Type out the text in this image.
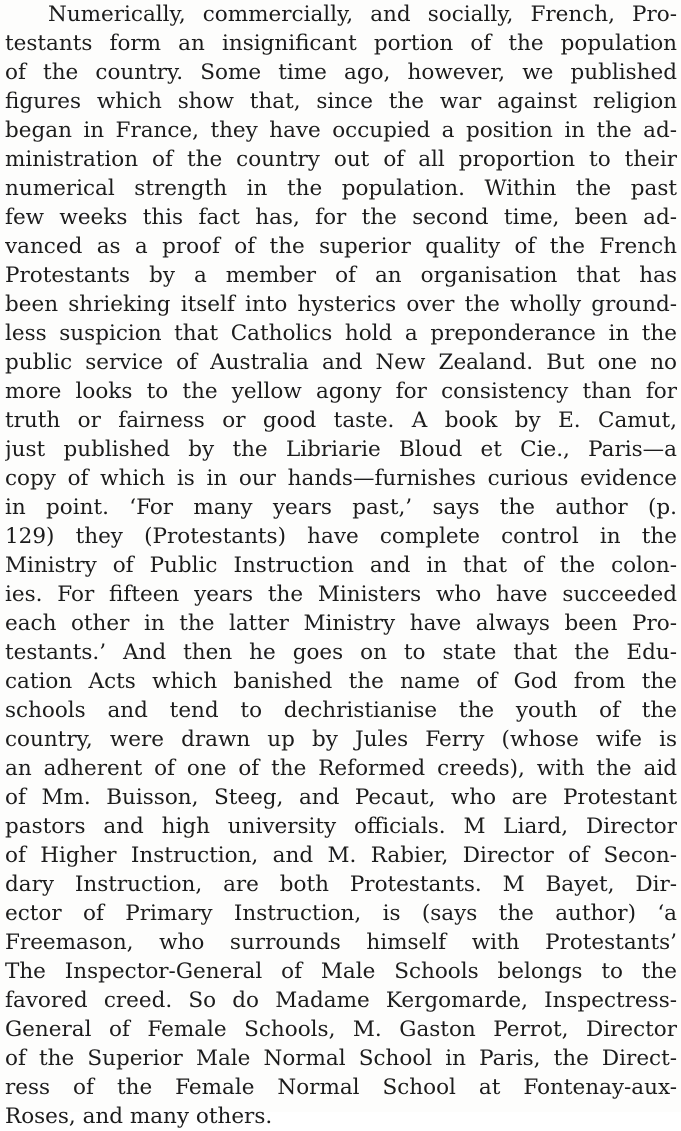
Numerically, commercially, and socially, French, Pro-
testants form an insignificant portion of the population
of the country. Some time ago, however, we published
figures which show that, since the war against religion
began in France, they have occupied a position in the ad-
ministration of the country out of all proportion to their
numerical strength in the population. Within the past
few weeks this fact has, for the second time, been ad-
vanced as a proof of the superior quality of the French
Protestants by a member of an organisation that has
been shrieking itself into hysterics over the wholly ground-
less suspicion that Catholics hold a preponderance in the
public service of Australia and New Zealand. But one no
more looks to the yellow agony for consistency than for
truth or fairness or good taste. A book by E. Camut,
just published by the Libriarie Bloud et Cie., Paris—a
copy of which is in our hands—furnishes curious evidence
in point. ‘For many years past,’ says the author (p.
129) they (Protestants) have complete control in the
Ministry of Public Instruction and in that of the colon-
ies. For fifteen years the Ministers who have succeeded
each other in the latter Ministry have always been Pro-
testants.’ And then he goes on to state that the Edu-
cation Acts which banished the name of God from the
schools and tend to dechristianise the youth of the
country, were drawn up by Jules Ferry (whose wife is
an adherent of one of the Reformed creeds), with the aid
of Mm. Buisson, Steeg, and Pecaut, who are Protestant
pastors and high university officials. M Liard, Director
of Higher Instruction, and M. Rabier, Director of Secon-
dary Instruction, are both Protestants. M Bayet, Dir-
ector of Primary Instruction, is (says the author) ‘a
Freemason, who surrounds himself with Protestants’
The Inspector-General of Male Schools belongs to the
favored creed. So do Madame Kergomarde, Inspectress-
General of Female Schools, M. Gaston Perrot, Director
of the Superior Male Normal School in Paris, the Direct-
ress of the Female Normal School at Fontenay-aux-
Roses, and many others.
